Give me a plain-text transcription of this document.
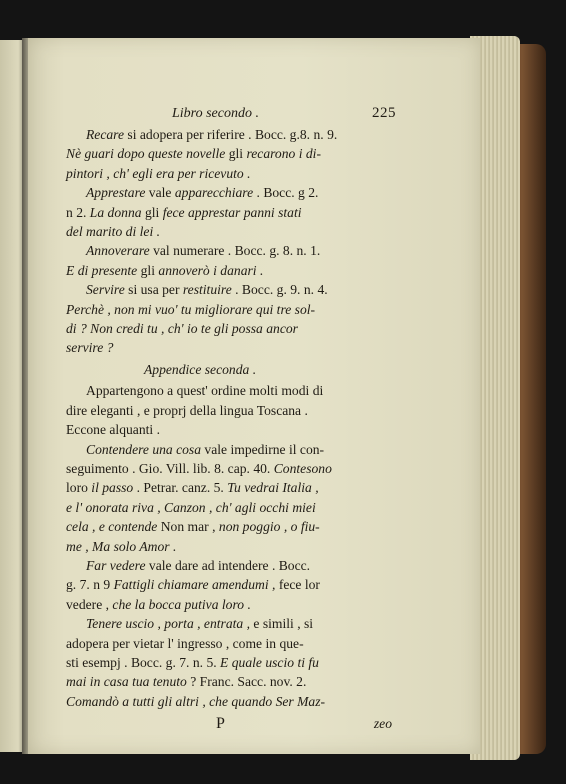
Libro secondo .	225
Recare si adopera per riferire . Bocc. g.8. n. 9.
Nè guari dopo queste novelle gli recarono i di-
pintori , ch' egli era per ricevuto .
Apprestare vale apparecchiare . Bocc. g 2.
n 2. La donna gli fece apprestar panni stati
del marito di lei .
Annoverare val numerare . Bocc. g. 8. n. 1.
E di presente gli annoverò i danari .
Servire si usa per restituire . Bocc. g. 9. n. 4.
Perchè , non mi vuo' tu migliorare qui tre sol-
di ? Non credi tu , ch' io te gli possa ancor
servire ?
Appendice seconda .
Appartengono a quest' ordine molti modi di
dire eleganti , e proprj della lingua Toscana .
Eccone alquanti .
Contendere una cosa vale impedirne il con-
seguimento . Gio. Vill. lib. 8. cap. 40. Contesono
loro il passo . Petrar. canz. 5. Tu vedrai Italia ,
e l' onorata riva , Canzon , ch' agli occhi miei
cela , e contende Non mar , non poggio , o fiu-
me , Ma solo Amor .
Far vedere vale dare ad intendere . Bocc.
g. 7. n 9 Fattigli chiamare amendumi , fece lor
vedere , che la bocca putiva loro .
Tenere uscio , porta , entrata , e simili , si
adopera per vietar l' ingresso , come in que-
sti esempj . Bocc. g. 7. n. 5. E quale uscio ti fu
mai in casa tua tenuto ? Franc. Sacc. nov. 2.
Comandò a tutti gli altri , che quando Ser Maz-
P	zeo
